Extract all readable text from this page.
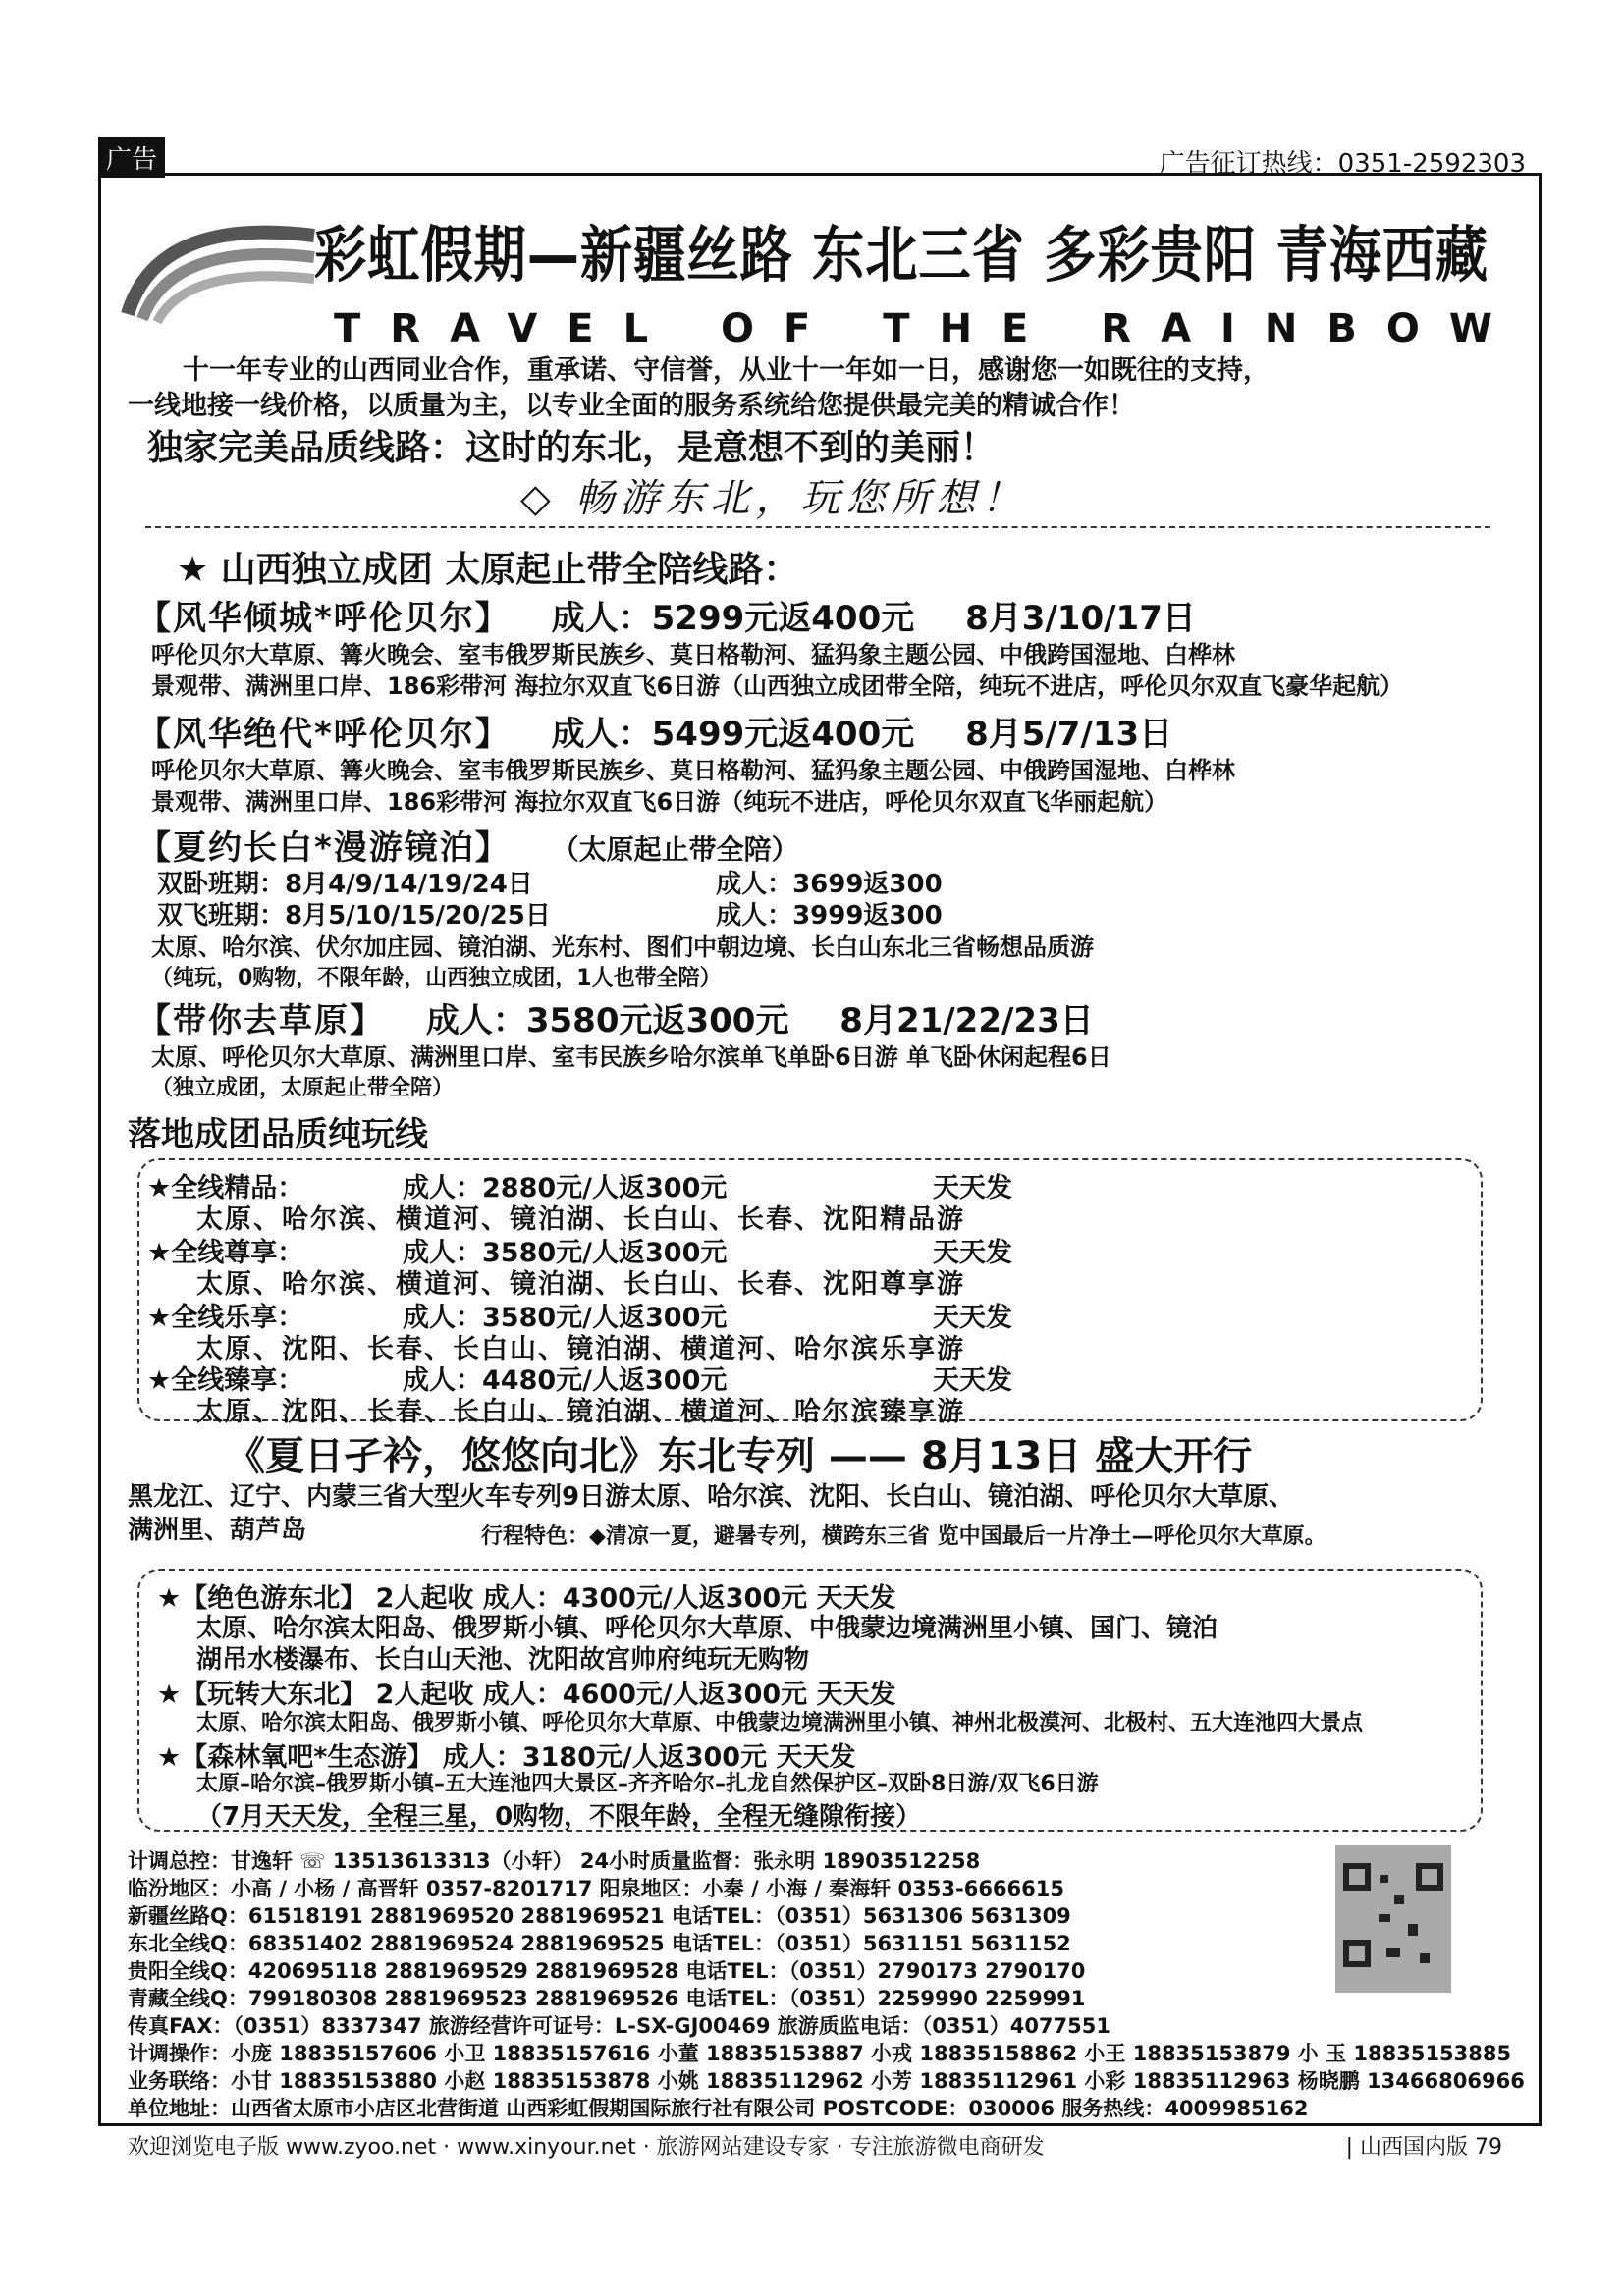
广告	广告征订热线：0351-2592303
彩虹假期—新疆丝路 东北三省 多彩贵阳 青海西藏
TRAVEL OF THE RAINBOW

十一年专业的山西同业合作，重承诺、守信誉，从业十一年如一日，感谢您一如既往的支持，

一线地接一线价格，以质量为主，以专业全面的服务系统给您提供最完美的精诚合作！

独家完美品质线路：这时的东北，是意想不到的美丽！
◇ 畅游东北，玩您所想！
★ 山西独立成团 太原起止带全陪线路：
【风华倾城*呼伦贝尔】 成人：5299元返400元 8月3/10/17日
呼伦贝尔大草原、篝火晚会、室韦俄罗斯民族乡、莫日格勒河、猛犸象主题公园、中俄跨国湿地、白桦林
景观带、满洲里口岸、186彩带河 海拉尔双直飞6日游（山西独立成团带全陪，纯玩不进店，呼伦贝尔双直飞豪华起航）
【风华绝代*呼伦贝尔】 成人：5499元返400元 8月5/7/13日
呼伦贝尔大草原、篝火晚会、室韦俄罗斯民族乡、莫日格勒河、猛犸象主题公园、中俄跨国湿地、白桦林
景观带、满洲里口岸、186彩带河 海拉尔双直飞6日游（纯玩不进店，呼伦贝尔双直飞华丽起航）
【夏约长白*漫游镜泊】 （太原起止带全陪）
双卧班期：8月4/9/14/19/24日	成人：3699返300
双飞班期：8月5/10/15/20/25日	成人：3999返300
太原、哈尔滨、伏尔加庄园、镜泊湖、光东村、图们中朝边境、长白山东北三省畅想品质游
（纯玩，0购物，不限年龄，山西独立成团，1人也带全陪）
【带你去草原】 成人：3580元返300元 8月21/22/23日
太原、呼伦贝尔大草原、满洲里口岸、室韦民族乡哈尔滨单飞单卧6日游 单飞卧休闲起程6日
（独立成团，太原起止带全陪）
落地成团品质纯玩线
★全线精品：	成人：2880元/人返300元	天天发
太原、哈尔滨、横道河、镜泊湖、长白山、长春、沈阳精品游
★全线尊享：	成人：3580元/人返300元	天天发
太原、哈尔滨、横道河、镜泊湖、长白山、长春、沈阳尊享游
★全线乐享：	成人：3580元/人返300元	天天发
太原、沈阳、长春、长白山、镜泊湖、横道河、哈尔滨乐享游
★全线臻享：	成人：4480元/人返300元	天天发
太原、沈阳、长春、长白山、镜泊湖、横道河、哈尔滨臻享游
《夏日孑衿，悠悠向北》东北专列 —— 8月13日 盛大开行
黑龙江、辽宁、内蒙三省大型火车专列9日游太原、哈尔滨、沈阳、长白山、镜泊湖、呼伦贝尔大草原、
满洲里、葫芦岛	行程特色：◆清凉一夏，避暑专列，横跨东三省 览中国最后一片净土—呼伦贝尔大草原。
★【绝色游东北】 2人起收 成人：4300元/人返300元 天天发
太原、哈尔滨太阳岛、俄罗斯小镇、呼伦贝尔大草原、中俄蒙边境满洲里小镇、国门、镜泊
湖吊水楼瀑布、长白山天池、沈阳故宫帅府纯玩无购物
★【玩转大东北】 2人起收 成人：4600元/人返300元 天天发
太原、哈尔滨太阳岛、俄罗斯小镇、呼伦贝尔大草原、中俄蒙边境满洲里小镇、神州北极漠河、北极村、五大连池四大景点
★【森林氧吧*生态游】 成人：3180元/人返300元 天天发
太原–哈尔滨–俄罗斯小镇–五大连池四大景区–齐齐哈尔–扎龙自然保护区–双卧8日游/双飞6日游
（7月天天发，全程三星，0购物，不限年龄，全程无缝隙衔接）
计调总控：甘逸轩 ☏ 13513613313（小轩） 24小时质量监督：张永明 18903512258
临汾地区：小高 / 小杨 / 高晋轩 0357-8201717 阳泉地区：小秦 / 小海 / 秦海轩 0353-6666615
新疆丝路Q：61518191 2881969520 2881969521 电话TEL：（0351）5631306 5631309
东北全线Q：68351402 2881969524 2881969525 电话TEL：（0351）5631151 5631152
贵阳全线Q：420695118 2881969529 2881969528 电话TEL：（0351）2790173 2790170
青藏全线Q：799180308 2881969523 2881969526 电话TEL：（0351）2259990 2259991
传真FAX：（0351）8337347 旅游经营许可证号：L-SX-GJ00469 旅游质监电话：（0351）4077551
计调操作：小庞 18835157606 小卫 18835157616 小董 18835153887 小戎 18835158862 小王 18835153879 小 玉 18835153885
业务联络：小甘 18835153880 小赵 18835153878 小姚 18835112962 小芳 18835112961 小彩 18835112963 杨晓鹏 13466806966
单位地址：山西省太原市小店区北营街道 山西彩虹假期国际旅行社有限公司 POSTCODE：030006 服务热线：4009985162
欢迎浏览电子版 www.zyoo.net · www.xinyour.net · 旅游网站建设专家 · 专注旅游微电商研发	| 山西国内版 79
